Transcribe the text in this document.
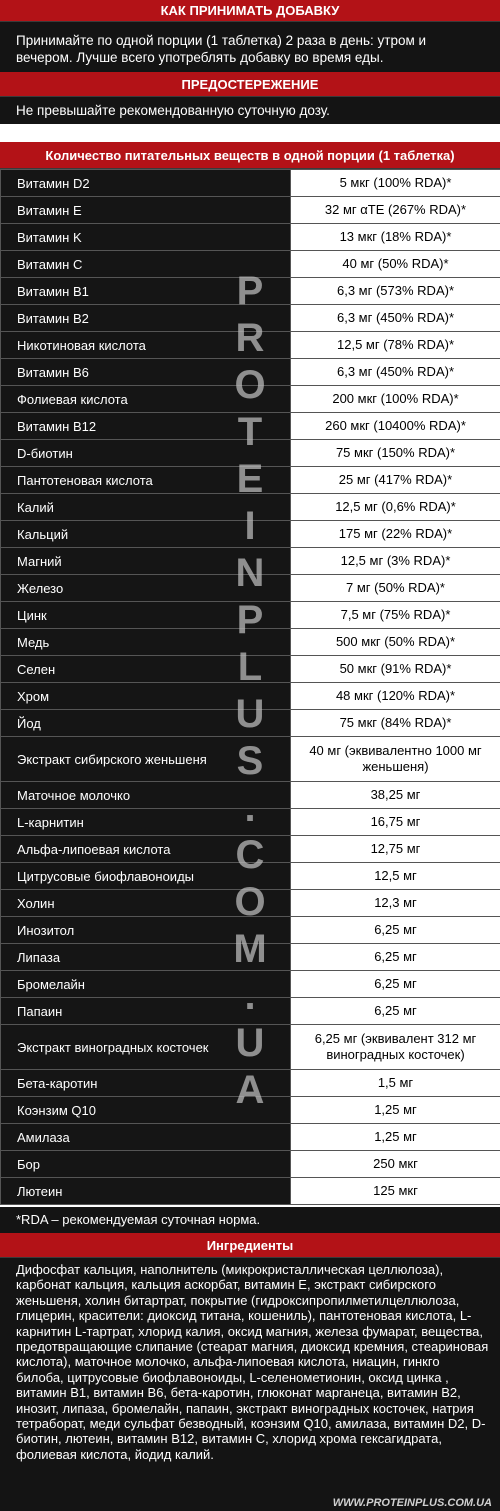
КАК ПРИНИМАТЬ ДОБАВКУ
Принимайте по одной порции (1 таблетка) 2 раза в день: утром и вечером. Лучше всего употреблять добавку во время еды.
ПРЕДОСТЕРЕЖЕНИЕ
Не превышайте рекомендованную суточную дозу.
Количество питательных веществ в одной порции (1 таблетка)
Витамин D2	5 мкг (100% RDA)*
Витамин E	32 мг αTE (267% RDA)*
Витамин K	13 мкг (18% RDA)*
Витамин C	40 мг (50% RDA)*
Витамин B1	6,3 мг (573% RDA)*
Витамин B2	6,3 мг (450% RDA)*
Никотиновая кислота	12,5 мг (78% RDA)*
Витамин B6	6,3 мг (450% RDA)*
Фолиевая кислота	200 мкг (100% RDA)*
Витамин B12	260 мкг (10400% RDA)*
D-биотин	75 мкг (150% RDA)*
Пантотеновая кислота	25 мг (417% RDA)*
Калий	12,5 мг (0,6% RDA)*
Кальций	175 мг (22% RDA)*
Магний	12,5 мг (3% RDA)*
Железо	7 мг (50% RDA)*
Цинк	7,5 мг (75% RDA)*
Медь	500 мкг (50% RDA)*
Селен	50 мкг (91% RDA)*
Хром	48 мкг (120% RDA)*
Йод	75 мкг (84% RDA)*
Экстракт сибирского женьшеня	40 мг (эквивалентно 1000 мг женьшеня)
Маточное молочко	38,25 мг
L-карнитин	16,75 мг
Альфа-липоевая кислота	12,75 мг
Цитрусовые биофлавоноиды	12,5 мг
Холин	12,3 мг
Инозитол	6,25 мг
Липаза	6,25 мг
Бромелайн	6,25 мг
Папаин	6,25 мг
Экстракт виноградных косточек	6,25 мг (эквивалент 312 мг виноградных косточек)
Бета-каротин	1,5 мг
Коэнзим Q10	1,25 мг
Амилаза	1,25 мг
Бор	250 мкг
Лютеин	125 мкг
*RDA – рекомендуемая суточная норма.
Ингредиенты
Дифосфат кальция, наполнитель (микрокристаллическая целлюлоза), карбонат кальция, кальция аскорбат, витамин E, экстракт сибирского женьшеня, холин битартрат, покрытие (гидроксипропилметилцеллюлоза, глицерин, красители: диоксид титана, кошениль), пантотеновая кислота, L-карнитин L-тартрат, хлорид калия, оксид магния, железа фумарат, вещества, предотвращающие слипание (стеарат магния, диоксид кремния, стеариновая кислота), маточное молочко, альфа-липоевая кислота, ниацин, гинкго билоба, цитрусовые биофлавоноиды, L-селенометионин, оксид цинка , витамин B1, витамин B6, бета-каротин, глюконат марганеца, витамин B2, инозит, липаза, бромелайн, папаин, экстракт виноградных косточек, натрия тетраборат, меди сульфат безводный, коэнзим Q10, амилаза, витамин D2, D-биотин, лютеин, витамин B12, витамин C, хлорид хрома гексагидрата, фолиевая кислота, йодид калий.
P
R
O
T
E
I
N
P
L
U
S
.
C
O
M
.
U
A
WWW.PROTEINPLUS.COM.UA
